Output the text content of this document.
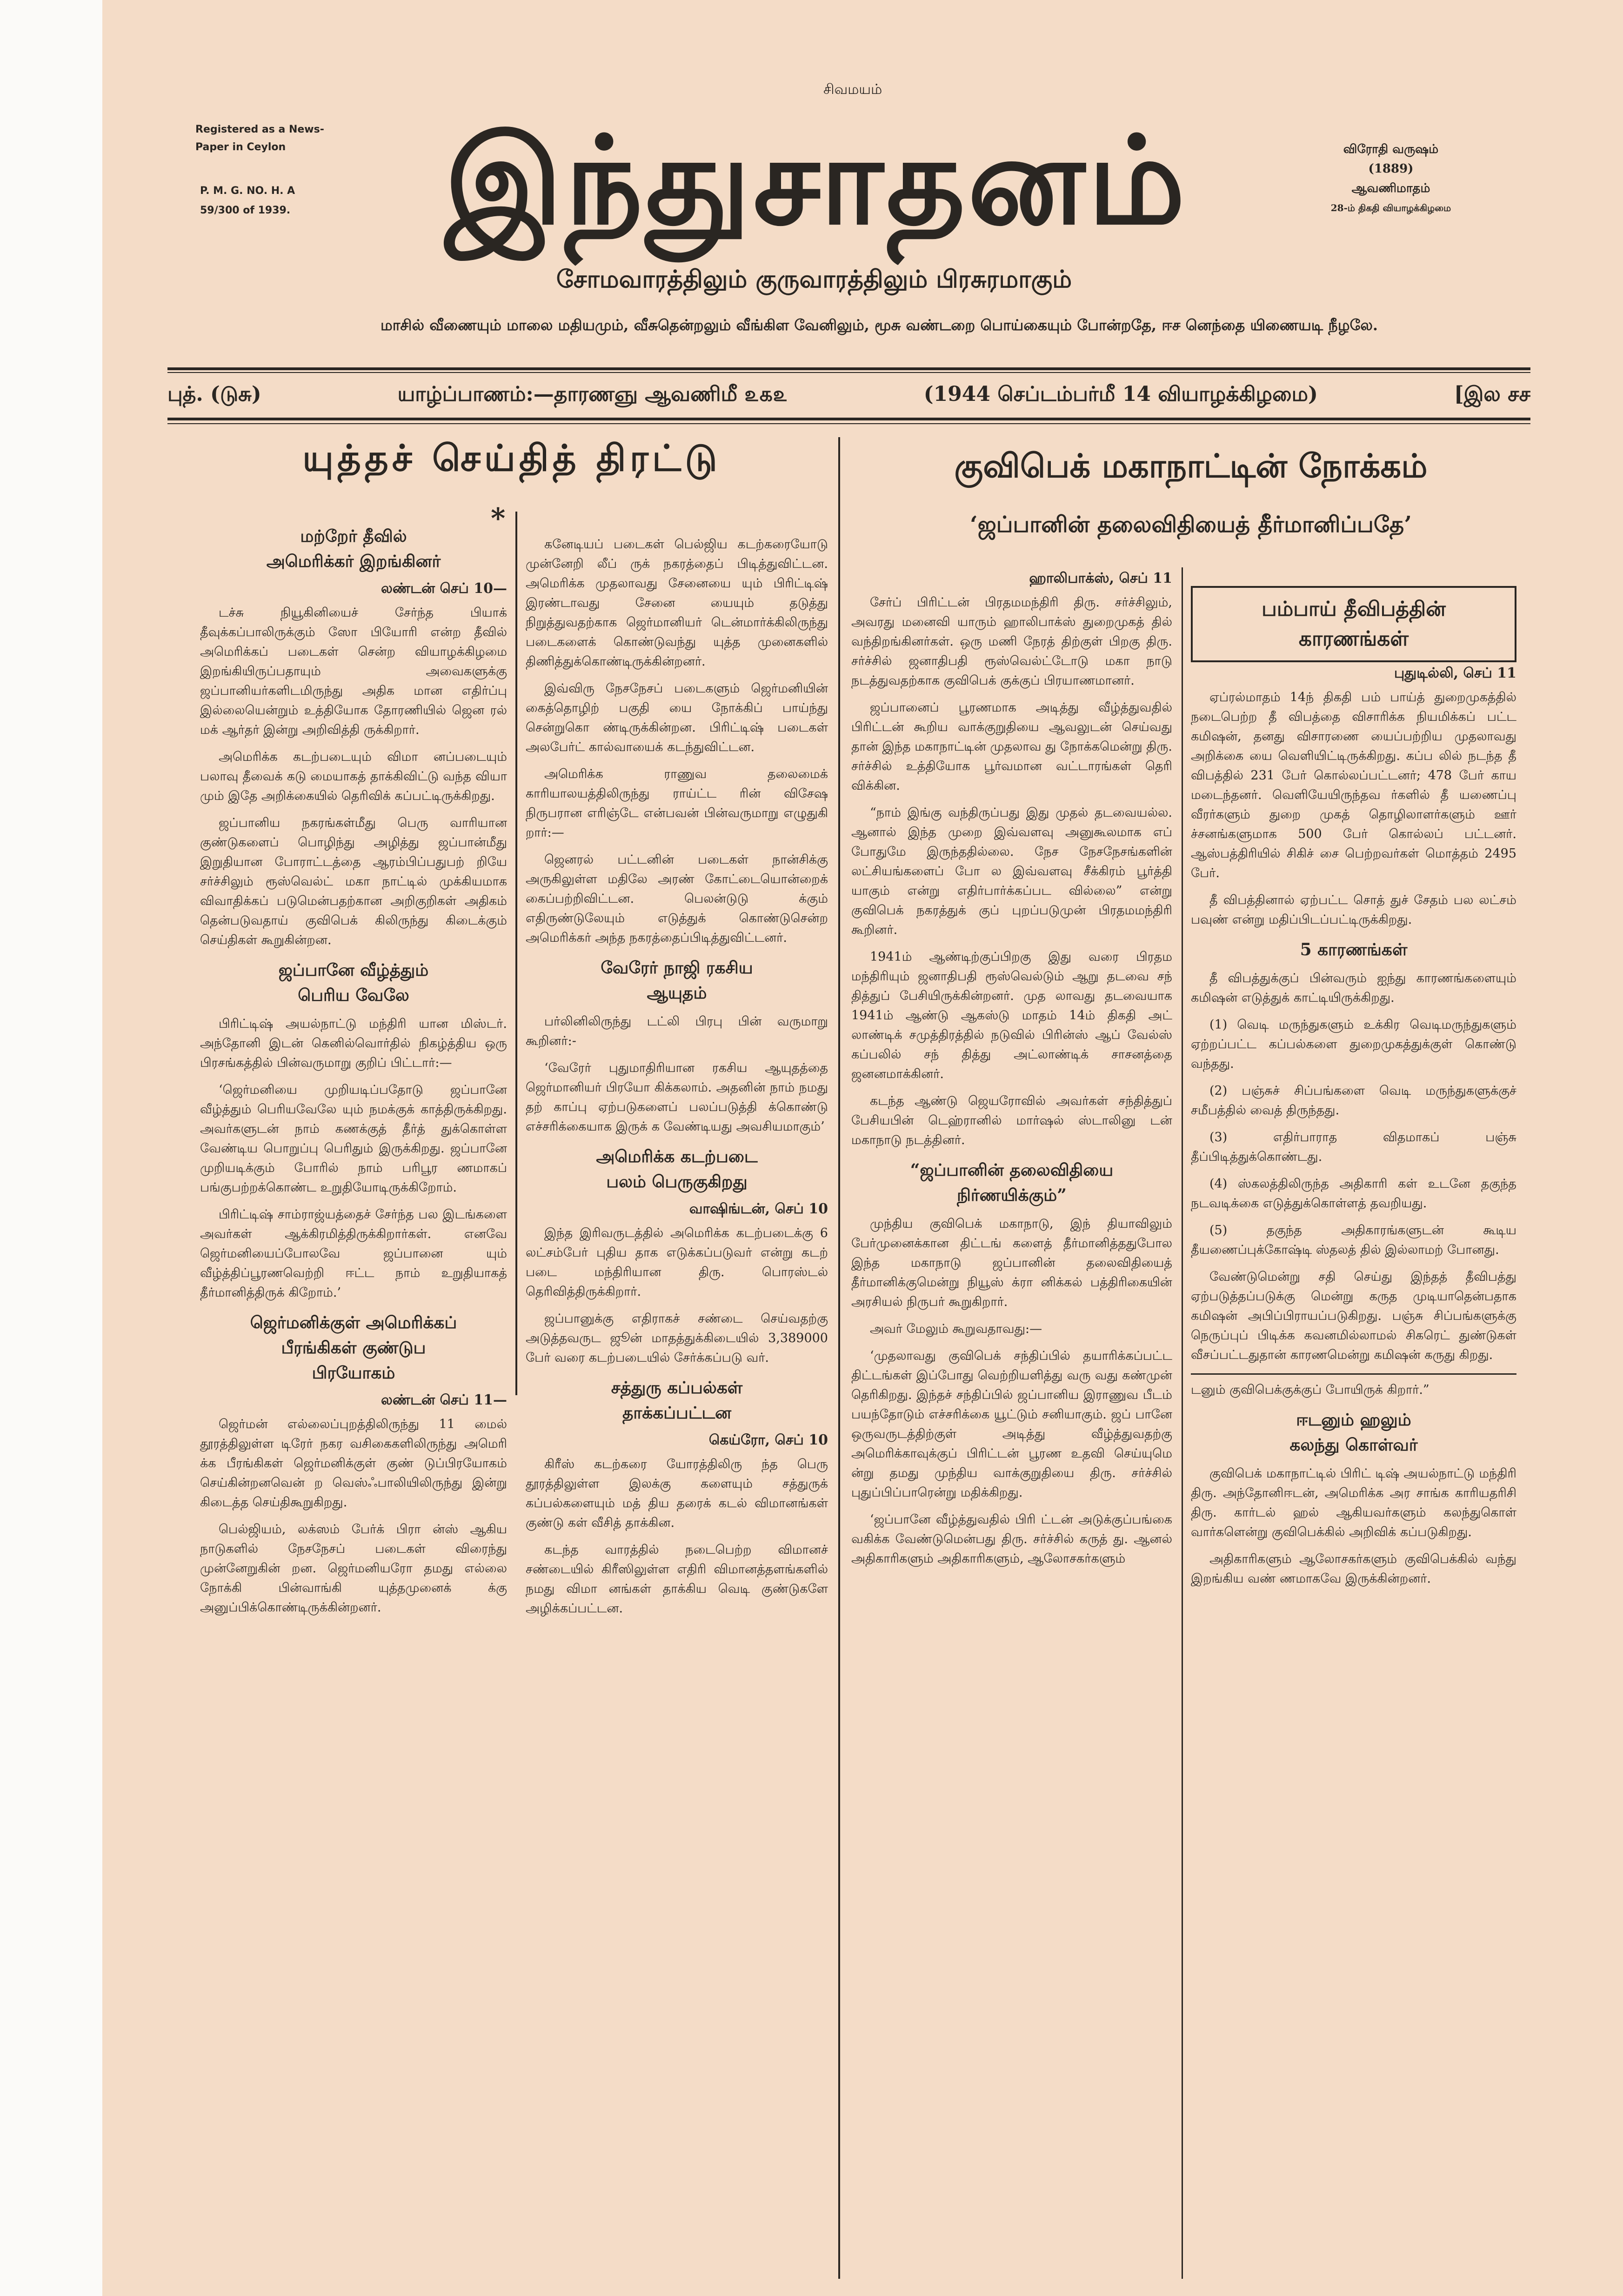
சிவமயம்
Registered as a News-
Paper in Ceylon
P. M. G. NO. H. A
59/300 of 1939.	இந்துசாதனம்	விரோதி வருஷம்
(1889)
ஆவணிமாதம்
28-ம் திகதி வியாழக்கிழமை
சோமவாரத்திலும் குருவாரத்திலும் பிரசுரமாகும்
மாசில் வீணையும் மாலை மதியமும், வீசுதென்றலும் வீங்கிள வேனிலும், மூசு வண்டறை பொய்கையும் போன்றதே, ஈச னெந்தை யிணையடி நீழலே.
புத். (டுசு)	யாழ்ப்பாணம்:—தாரணஞு ஆவணிமீ ௨௧௨	(1944 செப்டம்பர்மீ 14 வியாழக்கிழமை)	[இல சச
யுத்தச் செய்தித் திரட்டு
*
மற்றேர் தீவில்
அமெரிக்கர் இறங்கினர்
லண்டன் செப் 10—

டச்சு நியூகினியைச் சேர்ந்த பியாக் தீவுக்கப்பாலிருக்கும் ஸோ பியோரி என்ற தீவில் அமெரிக்கப் படைகள் சென்ற வியாழக்கிழமை இறங்கியிருப்பதாயும் அவைகளுக்கு ஜப்பானியர்களிடமிருந்து அதிக மான எதிர்ப்பு இல்லையென்றும் உத்தியோக தோரணியில் ஜென ரல் மக் ஆர்தர் இன்று அறிவித்தி ருக்கிறார்.

அமெரிக்க கடற்படையும் விமா னப்படையும் பலாவு தீவைக் கடு மையாகத் தாக்கிவிட்டு வந்த வியா மும் இதே அறிக்கையில் தெரிவிக் கப்பட்டிருக்கிறது.

ஜப்பானிய நகரங்கள்மீது பெரு வாரியான குண்டுகளைப் பொழிந்து அழித்து ஜப்பான்மீது இறுதியான போராட்டத்தை ஆரம்பிப்பதுபற் றியே சர்ச்சிலும் ரூஸ்வெல்ட் மகா நாட்டில் முக்கியமாக விவாதிக்கப் படுமென்பதற்கான அறிகுறிகள் அதிகம் தென்படுவதாய் குவிபெக் கிலிருந்து கிடைக்கும் செய்திகள் கூறுகின்றன.

ஜப்பானே வீழ்த்தும்
பெரிய வேலே

பிரிட்டிஷ் அயல்நாட்டு மந்திரி யான மிஸ்டர். அந்தோனி இடன் கெனில்வொர்தில் நிகழ்த்திய ஒரு பிரசங்கத்தில் பின்வருமாறு குறிப் பிட்டார்:—

‘ஜெர்மனியை முறியடிப்பதோடு ஜப்பானே வீழ்த்தும் பெரியவேலே யும் நமக்குக் காத்திருக்கிறது. அவர்களுடன் நாம் கணக்குத் தீர்த் துக்கொள்ள வேண்டிய பொறுப்பு பெரிதும் இருக்கிறது. ஜப்பானே முறியடிக்கும் போரில் நாம் பரிபூர ணமாகப் பங்குபற்றக்கொண்ட உறுதியோடிருக்கிறோம்.

பிரிட்டிஷ் சாம்ராஜ்யத்தைச் சேர்ந்த பல இடங்களை அவர்கள் ஆக்கிரமித்திருக்கிறார்கள். எனவே ஜெர்மனியைப்போலவே ஜப்பானை யும் வீழ்த்திப்பூரணவெற்றி ஈட்ட நாம் உறுதியாகத் தீர்மானித்திருக் கிறோம்.’

ஜெர்மனிக்குள் அமெரிக்கப்
பீரங்கிகள் குண்டுப
பிரயோகம்
லண்டன் செப் 11—

ஜெர்மன் எல்லைப்புறத்திலிருந்து 11 மைல் தூரத்திலுள்ள டிரேர் நகர வசிகைகளிலிருந்து அமெரி க்க பீரங்கிகள் ஜெர்மனிக்குள் குண் டுப்பிரயோகம் செய்கின்றனவென் ற வெஸ்ஃபாலியிலிருந்து இன்று கிடைத்த செய்திகூறுகிறது.

பெல்ஜியம், லக்ஸம் பேர்க் பிரா ன்ஸ் ஆகிய நாடுகளில் நேசநேசப் படைகள் விரைந்து முன்னேறுகின் றன. ஜெர்மனியரோ தமது எல்லை நோக்கி பின்வாங்கி யுத்தமுனைக் க்கு அனுப்பிக்கொண்டிருக்கின்றனர்.

கனேடியப் படைகள் பெல்ஜிய கடற்கரையோடு முன்னேறி லீப் ருக் நகரத்தைப் பிடித்துவிட்டன. அமெரிக்க முதலாவது சேனையை யும் பிரிட்டிஷ் இரண்டாவது சேனை யையும் தடுத்து நிறுத்துவதற்காக ஜெர்மானியர் டென்மார்க்கிலிருந்து படைகளைக் கொண்டுவந்து யுத்த முனைகளில் திணித்துக்கொண்டிருக்கின்றனர்.

இவ்விரு நேசநேசப் படைகளும் ஜெர்மனியின் கைத்தொழிற் பகுதி யை நோக்கிப் பாய்ந்து சென்றுகொ ண்டிருக்கின்றன. பிரிட்டிஷ் படைகள் அலபேர்ட் கால்வாயைக் கடந்துவிட்டன.

அமெரிக்க ராணுவ தலைமைக் காரியாலயத்திலிருந்து ராய்ட்ட ரின் விசேஷ நிருபரான எரிஞ்டே என்பவன் பின்வருமாறு எழுதுகி றார்:—

ஜெனரல் பட்டனின் படைகள் நான்சிக்கு அருகிலுள்ள மதிலே அரண் கோட்டையொன்றைக் கைப்பற்றிவிட்டன. பெலன்டுடு க்கும் எதிருண்டுலேயும் எடுத்துக் கொண்டுசென்ற அமெரிக்கர் அந்த நகரத்தைப்பிடித்துவிட்டனர்.

வேரேர் நாஜி ரகசிய
ஆயுதம்

பர்லினிலிருந்து டட்லி பிரபு பின் வருமாறு கூறினர்:-

‘வேரேர் புதுமாதிரியான ரகசிய ஆயுதத்தை ஜெர்மானியர் பிரயோ கிக்கலாம். அதனின் நாம் நமது தற் காப்பு ஏற்படுகளைப் பலப்படுத்தி க்கொண்டு எச்சரிக்கையாக இருக் க வேண்டியது அவசியமாகும்’

அமெரிக்க கடற்படை
பலம் பெருகுகிறது
வாஷிங்டன், செப் 10

இந்த இரிவருடத்தில் அமெரிக்க கடற்படைக்கு 6 லட்சம்பேர் புதிய தாக எடுக்கப்படுவர் என்று கடற் படை மந்திரியான திரு. பொரஸ்டல் தெரிவித்திருக்கிறார்.

ஜப்பானுக்கு எதிராகச் சண்டை செய்வதற்கு அடுத்தவருட ஜூன் மாதத்துக்கிடையில் 3,389000 பேர் வரை கடற்படையில் சேர்க்கப்படு வர்.

சத்துரு கப்பல்கள்
தாக்கப்பட்டன
கெய்ரோ, செப் 10

கிரீஸ் கடற்கரை யோரத்திலிரு ந்த பெரு தூரத்திலுள்ள இலக்கு களையும் சத்துருக் கப்பல்களையும் மத் திய தரைக் கடல் விமானங்கள் குண்டு கள் வீசித் தாக்கின.

கடந்த வாரத்தில் நடைபெற்ற விமானச் சண்டையில் கிரீஸிலுள்ள எதிரி விமானத்தளங்களில் நமது விமா னங்கள் தாக்கிய வெடி குண்டுகளே அழிக்கப்பட்டன.

குவிபெக் மகாநாட்டின் நோக்கம்
‘ஜப்பானின் தலைவிதியைத் தீர்மானிப்பதே’
ஹாலிபாக்ஸ், செப் 11

சேர்ப் பிரிட்டன் பிரதமமந்திரி திரு. சர்ச்சிலும், அவரது மனைவி யாரும் ஹாலிபாக்ஸ் துறைமுகத் தில் வந்திறங்கினர்கள். ஒரு மணி நேரத் திற்குள் பிறகு திரு. சர்ச்சில் ஜனாதிபதி ரூஸ்வெல்ட்டோடு மகா நாடு நடத்துவதற்காக குவிபெக் குக்குப் பிரயாணமானர்.

ஜப்பானைப் பூரணமாக அடித்து வீழ்த்துவதில் பிரிட்டன் கூறிய வாக்குறுதியை ஆவலுடன் செய்வது தான் இந்த மகாநாட்டின் முதலாவ து நோக்கமென்று திரு. சர்ச்சில் உத்தியோக பூர்வமான வட்டாரங்கள் தெரி விக்கின.

“நாம் இங்கு வந்திருப்பது இது முதல் தடவையல்ல. ஆனால் இந்த முறை இவ்வளவு அனுகூலமாக எப் போதுமே இருந்ததில்லை. நேச நேசநேசங்களின் லட்சியங்களைப் போ ல இவ்வளவு சீக்கிரம் பூர்த்தி யாகும் என்று எதிர்பார்க்கப்பட வில்லை” என்று குவிபெக் நகரத்துக் குப் புறப்படுமுன் பிரதமமந்திரி கூறினர்.

1941ம் ஆண்டிற்குப்பிறகு இது வரை பிரதம மந்திரியும் ஜனாதிபதி ரூஸ்வெல்டும் ஆறு தடவை சந் தித்துப் பேசியிருக்கின்றனர். முத லாவது தடவையாக 1941ம் ஆண்டு ஆகஸ்டு மாதம் 14ம் திகதி அட் லாண்டிக் சமுத்திரத்தில் நடுவில் பிரின்ஸ் ஆப் வேல்ஸ் கப்பலில் சந் தித்து அட்லாண்டிக் சாசனத்தை ஜனனமாக்கினர்.

கடந்த ஆண்டு ஜெயரோவில் அவர்கள் சந்தித்துப் பேசியபின் டெஹ்ரானில் மார்ஷல் ஸ்டாலினு டன் மகாநாடு நடத்தினர்.

“ஜப்பானின் தலைவிதியை
நிர்ணயிக்கும்”

முந்திய குவிபெக் மகாநாடு, இந் தியாவிலும் பேர்முனைக்கான திட்டங் களைத் தீர்மானித்ததுபோல இந்த மகாநாடு ஜப்பானின் தலைவிதியைத் தீர்மானிக்குமென்று நியூஸ் க்ரா னிக்கல் பத்திரிகையின் அரசியல் நிருபர் கூறுகிறார்.

அவர் மேலும் கூறுவதாவது:—

‘முதலாவது குவிபெக் சந்திப்பில் தயாரிக்கப்பட்ட திட்டங்கள் இப்போது வெற்றியளித்து வரு வது கண்முன் தெரிகிறது. இந்தச் சந்திப்பில் ஜப்பானிய இராணுவ பீடம் பயந்தோடும் எச்சரிக்கை யூட்டும் சனியாகும். ஜப் பானே ஒருவருடத்திற்குள் அடித்து வீழ்த்துவதற்கு அமெரிக்காவுக்குப் பிரிட்டன் பூரண உதவி செய்யுமெ ன்று தமது முந்திய வாக்குறுதியை திரு. சர்ச்சில் புதுப்பிப்பாரென்று மதிக்கிறது.

‘ஜப்பானே வீழ்த்துவதில் பிரி ட்டன் அடுக்குப்பங்கை வகிக்க வேண்டுமென்பது திரு. சர்ச்சில் கருத் து. ஆனல் அதிகாரிகளும் அதிகாரிகளும், ஆலோசகர்களும்

பம்பாய் தீவிபத்தின்
காரணங்கள்
புதுடில்லி, செப் 11

ஏப்ரல்மாதம் 14ந் திகதி பம் பாய்த் துறைமுகத்தில் நடைபெற்ற தீ விபத்தை விசாரிக்க நியமிக்கப் பட்ட கமிஷன், தனது விசாரணை யைப்பற்றிய முதலாவது அறிக்கை யை வெளியிட்டிருக்கிறது. கப்ப லில் நடந்த தீ விபத்தில் 231 பேர் கொல்லப்பட்டனர்; 478 பேர் காய மடைந்தனர். வெளியேயிருந்தவ ர்களில் தீ யணைப்பு வீரர்களும் துறை முகத் தொழிலாளர்களும் ஊர் ச்சனங்களுமாக 500 பேர் கொல்லப் பட்டனர். ஆஸ்பத்திரியில் சிகிச் சை பெற்றவர்கள் மொத்தம் 2495 பேர்.

தீ விபத்தினால் ஏற்பட்ட சொத் துச் சேதம் பல லட்சம் பவுண் என்று மதிப்பிடப்பட்டிருக்கிறது.

5 காரணங்கள்

தீ விபத்துக்குப் பின்வரும் ஐந்து காரணங்களையும் கமிஷன் எடுத்துக் காட்டியிருக்கிறது.

(1) வெடி மருந்துகளும் உக்கிர வெடிமருந்துகளும் ஏற்றப்பட்ட கப்பல்களை துறைமுகத்துக்குள் கொண்டு வந்தது.

(2) பஞ்சுச் சிப்பங்களை வெடி மருந்துகளுக்குச் சமீபத்தில் வைத் திருந்தது.

(3) எதிர்பாராத விதமாகப் பஞ்சு தீப்பிடித்துக்கொண்டது.

(4) ஸ்கலத்திலிருந்த அதிகாரி கள் உடனே தகுந்த நடவடிக்கை எடுத்துக்கொள்ளத் தவறியது.

(5) தகுந்த அதிகாரங்களுடன் கூடிய தீயணைப்புக்கோஷ்டி ஸ்தலத் தில் இல்லாமற் போனது.

வேண்டுமென்று சதி செய்து இந்தத் தீவிபத்து ஏற்படுத்தப்படுக்கு மென்று கருத முடியாதென்பதாக கமிஷன் அபிப்பிராயப்படுகிறது. பஞ்சு சிப்பங்களுக்கு நெருப்புப் பிடிக்க கவனமில்லாமல் சிகரெட் துண்டுகள் வீசப்பட்டதுதான் காரணமென்று கமிஷன் கருது கிறது.

டனும் குவிபெக்குக்குப் போயிருக் கிறார்.”

ஈடனும் ஹலும்
கலந்து கொள்வர்

குவிபெக் மகாநாட்டில் பிரிட் டிஷ் அயல்நாட்டு மந்திரி திரு. அந்தோனிஈடன், அமெரிக்க அர சாங்க காரியதரிசி திரு. கார்டல் ஹல் ஆகியவர்களும் கலந்துகொள் வார்களென்று குவிபெக்கில் அறிவிக் கப்படுகிறது.

அதிகாரிகளும் ஆலோசகர்களும் குவிபெக்கில் வந்து இறங்கிய வண் ணமாகவே இருக்கின்றனர்.
